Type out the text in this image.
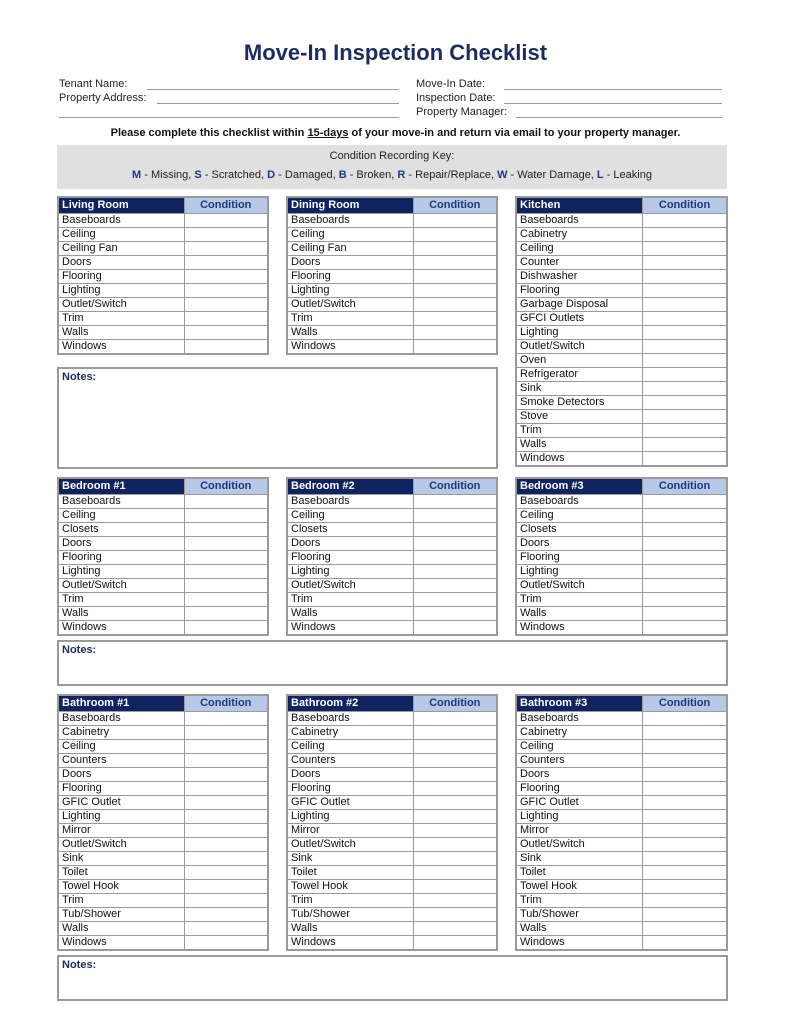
Move-In Inspection Checklist
Tenant Name:
Property Address:
Move-In Date:
Inspection Date:
Property Manager:
Please complete this checklist within 15-days of your move-in and return via email to your property manager.
Condition Recording Key:
M - Missing, S - Scratched, D - Damaged, B - Broken, R - Repair/Replace, W - Water Damage, L - Leaking
Living Room	Condition
Baseboards	
Ceiling	
Ceiling Fan	
Doors	
Flooring	
Lighting	
Outlet/Switch	
Trim	
Walls	
Windows	
Dining Room	Condition
Baseboards	
Ceiling	
Ceiling Fan	
Doors	
Flooring	
Lighting	
Outlet/Switch	
Trim	
Walls	
Windows	
Kitchen	Condition
Baseboards	
Cabinetry	
Ceiling	
Counter	
Dishwasher	
Flooring	
Garbage Disposal	
GFCI Outlets	
Lighting	
Outlet/Switch	
Oven	
Refrigerator	
Sink	
Smoke Detectors	
Stove	
Trim	
Walls	
Windows	
Notes:
Bedroom #1	Condition
Baseboards	
Ceiling	
Closets	
Doors	
Flooring	
Lighting	
Outlet/Switch	
Trim	
Walls	
Windows	
Bedroom #2	Condition
Baseboards	
Ceiling	
Closets	
Doors	
Flooring	
Lighting	
Outlet/Switch	
Trim	
Walls	
Windows	
Bedroom #3	Condition
Baseboards	
Ceiling	
Closets	
Doors	
Flooring	
Lighting	
Outlet/Switch	
Trim	
Walls	
Windows	
Notes:
Bathroom #1	Condition
Baseboards	
Cabinetry	
Ceiling	
Counters	
Doors	
Flooring	
GFIC Outlet	
Lighting	
Mirror	
Outlet/Switch	
Sink	
Toilet	
Towel Hook	
Trim	
Tub/Shower	
Walls	
Windows	
Bathroom #2	Condition
Baseboards	
Cabinetry	
Ceiling	
Counters	
Doors	
Flooring	
GFIC Outlet	
Lighting	
Mirror	
Outlet/Switch	
Sink	
Toilet	
Towel Hook	
Trim	
Tub/Shower	
Walls	
Windows	
Bathroom #3	Condition
Baseboards	
Cabinetry	
Ceiling	
Counters	
Doors	
Flooring	
GFIC Outlet	
Lighting	
Mirror	
Outlet/Switch	
Sink	
Toilet	
Towel Hook	
Trim	
Tub/Shower	
Walls	
Windows	
Notes:
